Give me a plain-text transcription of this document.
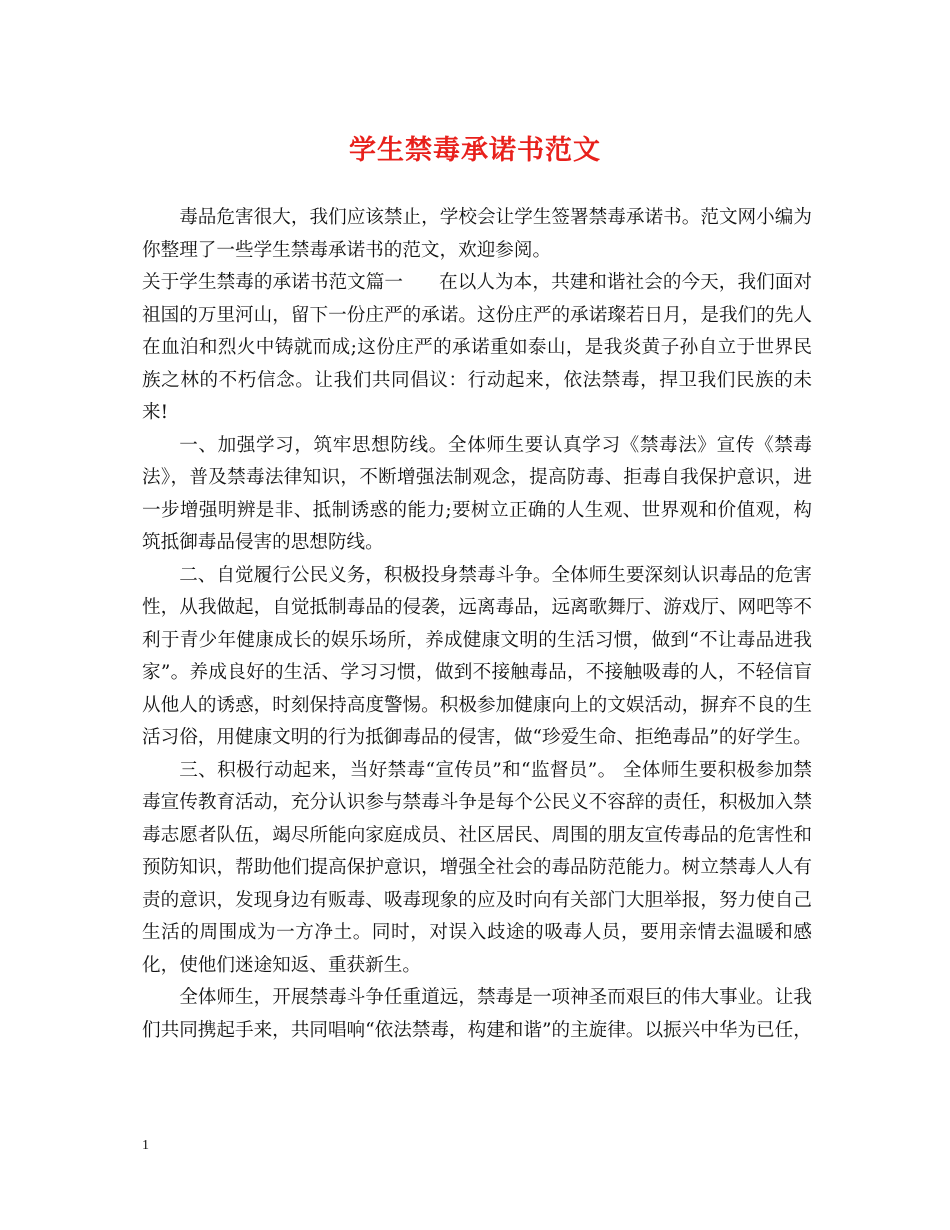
学生禁毒承诺书范文

毒品危害很大，我们应该禁止，学校会让学生签署禁毒承诺书。范文网小编为你整理了一些学生禁毒承诺书的范文，欢迎参阅。

关于学生禁毒的承诺书范文篇一 在以人为本，共建和谐社会的今天，我们面对祖国的万里河山，留下一份庄严的承诺。这份庄严的承诺璨若日月，是我们的先人在血泊和烈火中铸就而成;这份庄严的承诺重如泰山，是我炎黄子孙自立于世界民族之林的不朽信念。让我们共同倡议：行动起来，依法禁毒，捍卫我们民族的未来!

一、加强学习，筑牢思想防线。全体师生要认真学习《禁毒法》宣传《禁毒法》，普及禁毒法律知识，不断增强法制观念，提高防毒、拒毒自我保护意识，进一步增强明辨是非、抵制诱惑的能力;要树立正确的人生观、世界观和价值观，构筑抵御毒品侵害的思想防线。

二、自觉履行公民义务，积极投身禁毒斗争。全体师生要深刻认识毒品的危害性，从我做起，自觉抵制毒品的侵袭，远离毒品，远离歌舞厅、游戏厅、网吧等不利于青少年健康成长的娱乐场所，养成健康文明的生活习惯，做到“不让毒品进我家”。养成良好的生活、学习习惯，做到不接触毒品，不接触吸毒的人，不轻信盲从他人的诱惑，时刻保持高度警惕。积极参加健康向上的文娱活动，摒弃不良的生活习俗，用健康文明的行为抵御毒品的侵害，做“珍爱生命、拒绝毒品”的好学生。

三、积极行动起来，当好禁毒“宣传员”和“监督员”。 全体师生要积极参加禁毒宣传教育活动，充分认识参与禁毒斗争是每个公民义不容辞的责任，积极加入禁毒志愿者队伍，竭尽所能向家庭成员、社区居民、周围的朋友宣传毒品的危害性和预防知识，帮助他们提高保护意识，增强全社会的毒品防范能力。树立禁毒人人有责的意识，发现身边有贩毒、吸毒现象的应及时向有关部门大胆举报，努力使自己生活的周围成为一方净土。同时，对误入歧途的吸毒人员，要用亲情去温暖和感化，使他们迷途知返、重获新生。

全体师生，开展禁毒斗争任重道远，禁毒是一项神圣而艰巨的伟大事业。让我们共同携起手来，共同唱响“依法禁毒，构建和谐”的主旋律。以振兴中华为已任，

1
